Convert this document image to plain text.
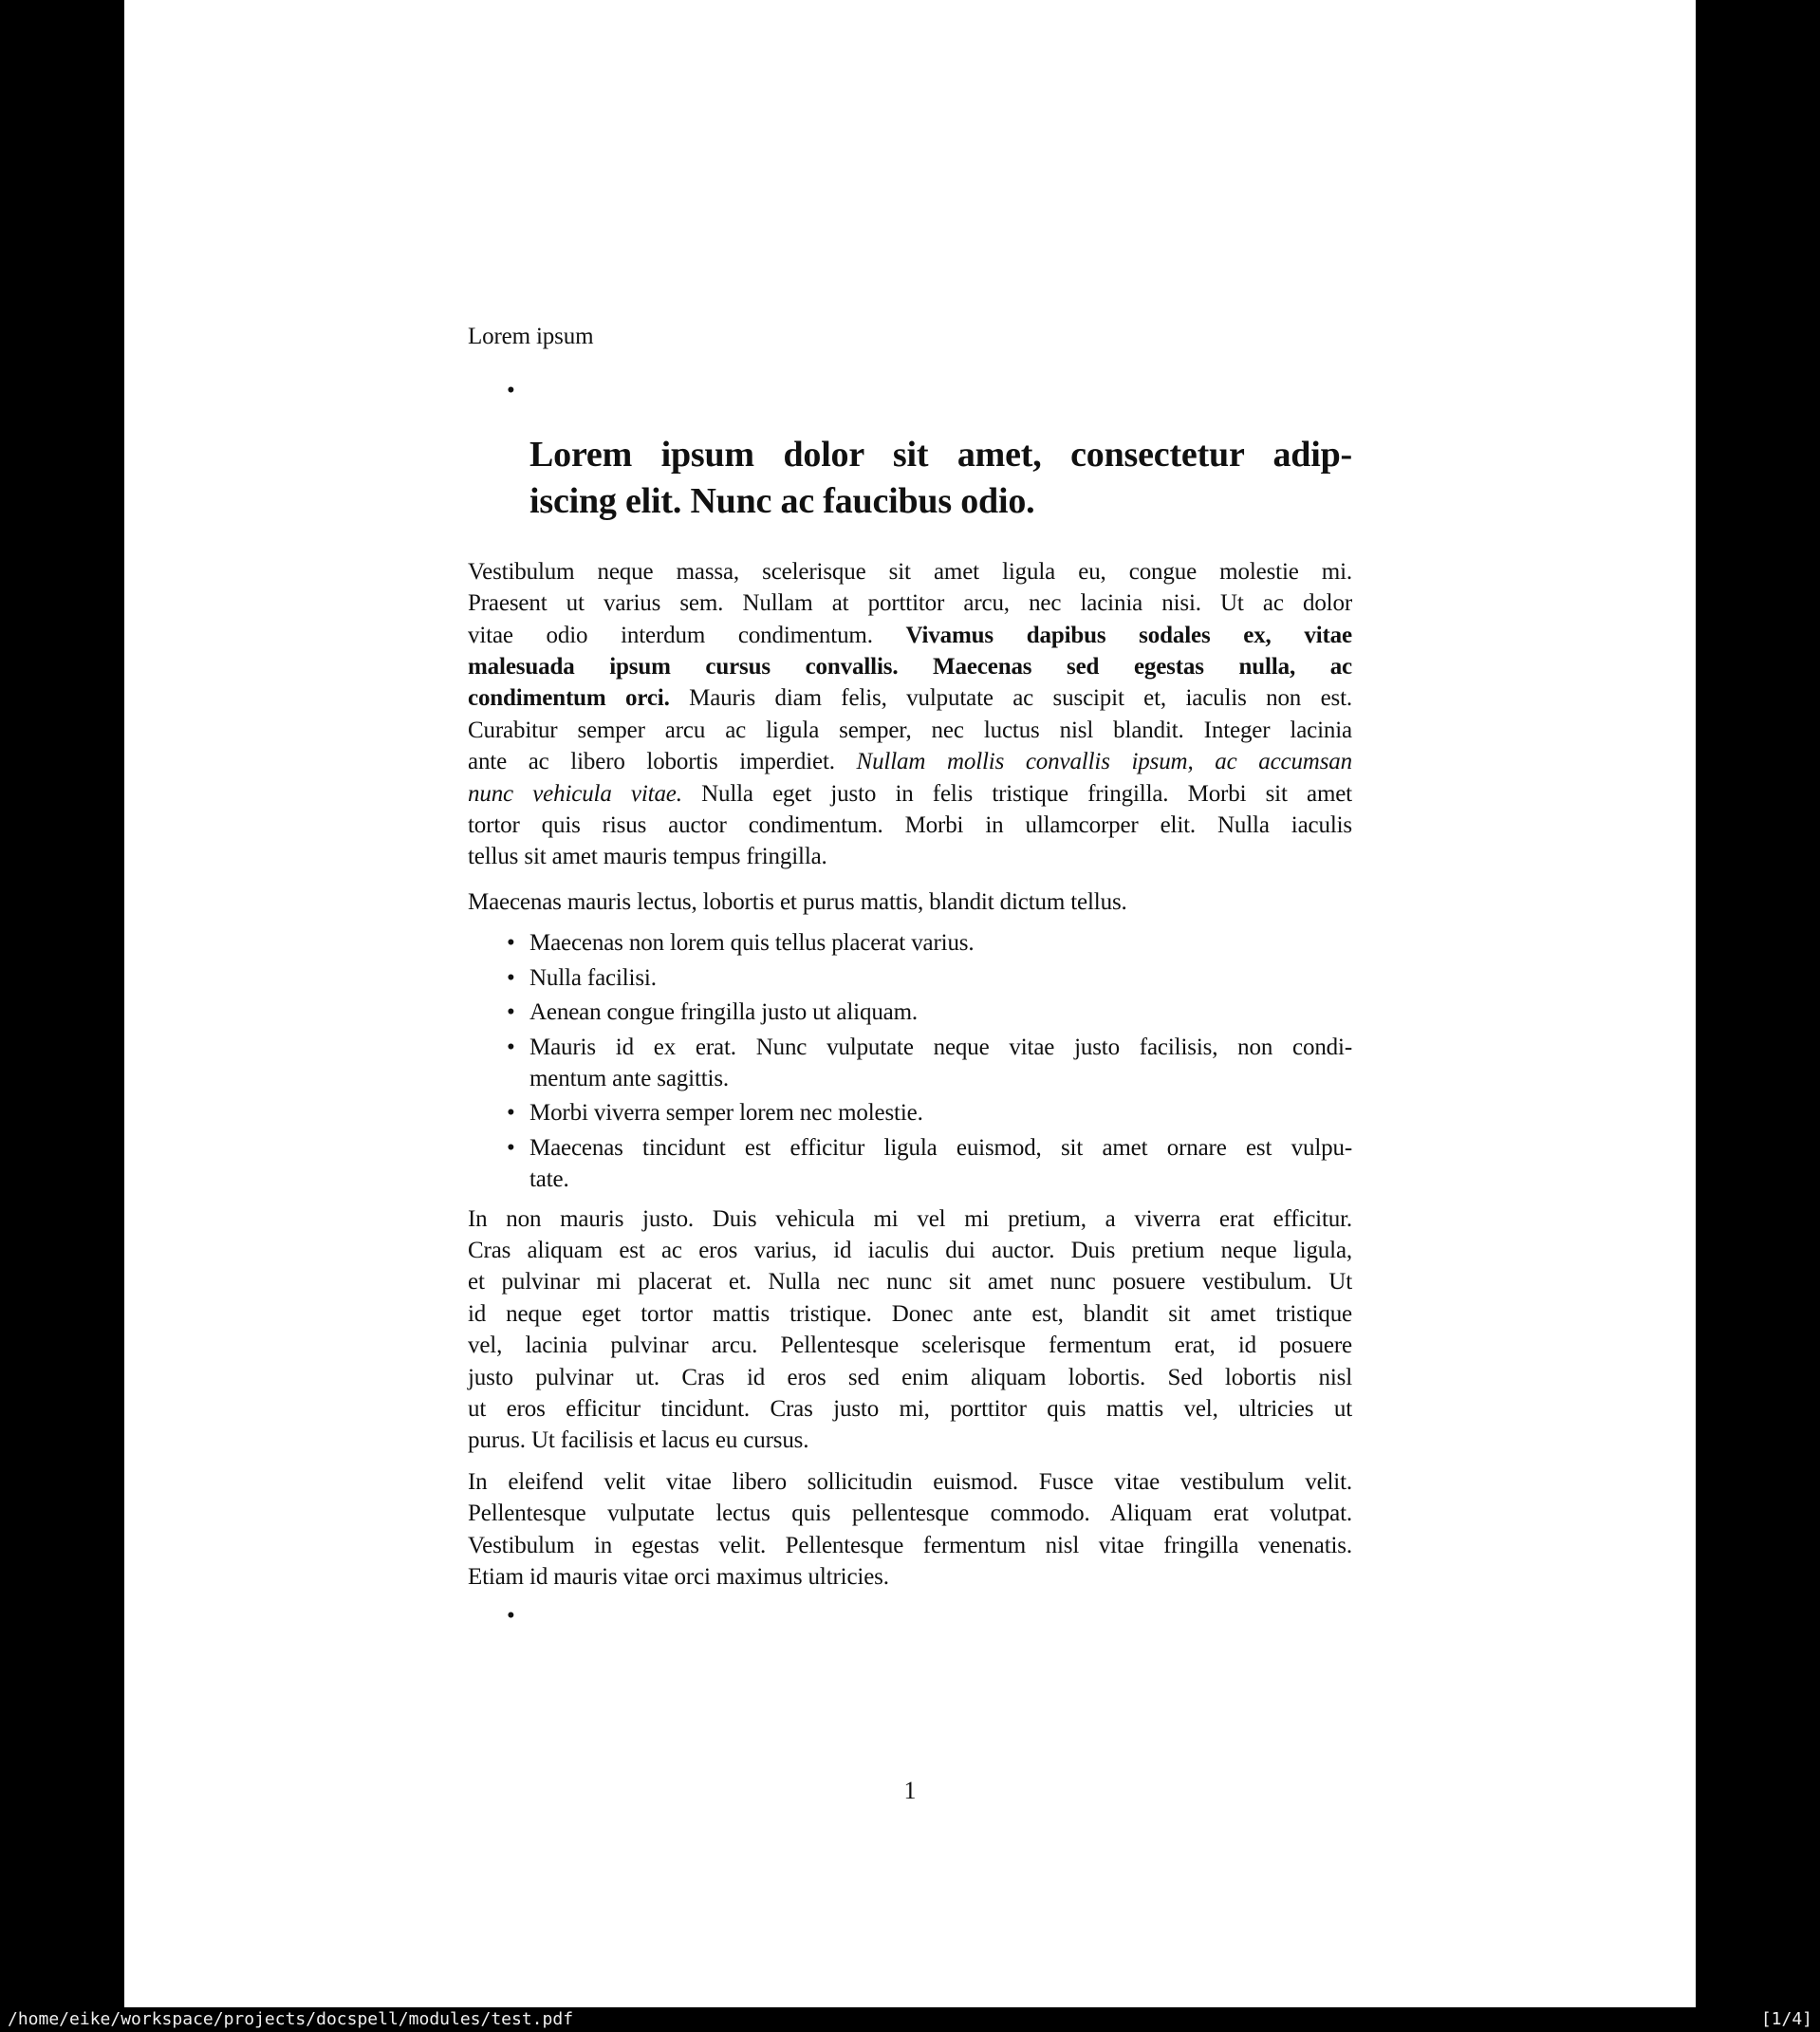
Lorem ipsum
•
Lorem ipsum dolor sit amet, consectetur adip-
iscing elit. Nunc ac faucibus odio.
Vestibulum neque massa, scelerisque sit amet ligula eu, congue molestie mi.
Praesent ut varius sem. Nullam at porttitor arcu, nec lacinia nisi. Ut ac dolor
vitae odio interdum condimentum. Vivamus dapibus sodales ex, vitae
malesuada ipsum cursus convallis. Maecenas sed egestas nulla, ac
condimentum orci. Mauris diam felis, vulputate ac suscipit et, iaculis non est.
Curabitur semper arcu ac ligula semper, nec luctus nisl blandit. Integer lacinia
ante ac libero lobortis imperdiet. Nullam mollis convallis ipsum, ac accumsan
nunc vehicula vitae. Nulla eget justo in felis tristique fringilla. Morbi sit amet
tortor quis risus auctor condimentum. Morbi in ullamcorper elit. Nulla iaculis
tellus sit amet mauris tempus fringilla.
Maecenas mauris lectus, lobortis et purus mattis, blandit dictum tellus.
• Maecenas non lorem quis tellus placerat varius.
• Nulla facilisi.
• Aenean congue fringilla justo ut aliquam.
• Mauris id ex erat. Nunc vulputate neque vitae justo facilisis, non condi-
mentum ante sagittis.
• Morbi viverra semper lorem nec molestie.
• Maecenas tincidunt est efficitur ligula euismod, sit amet ornare est vulpu-
tate.
In non mauris justo. Duis vehicula mi vel mi pretium, a viverra erat efficitur.
Cras aliquam est ac eros varius, id iaculis dui auctor. Duis pretium neque ligula,
et pulvinar mi placerat et. Nulla nec nunc sit amet nunc posuere vestibulum. Ut
id neque eget tortor mattis tristique. Donec ante est, blandit sit amet tristique
vel, lacinia pulvinar arcu. Pellentesque scelerisque fermentum erat, id posuere
justo pulvinar ut. Cras id eros sed enim aliquam lobortis. Sed lobortis nisl
ut eros efficitur tincidunt. Cras justo mi, porttitor quis mattis vel, ultricies ut
purus. Ut facilisis et lacus eu cursus.
In eleifend velit vitae libero sollicitudin euismod. Fusce vitae vestibulum velit.
Pellentesque vulputate lectus quis pellentesque commodo. Aliquam erat volutpat.
Vestibulum in egestas velit. Pellentesque fermentum nisl vitae fringilla venenatis.
Etiam id mauris vitae orci maximus ultricies.
•
1
/home/eike/workspace/projects/docspell/modules/test.pdf	[1/4]
